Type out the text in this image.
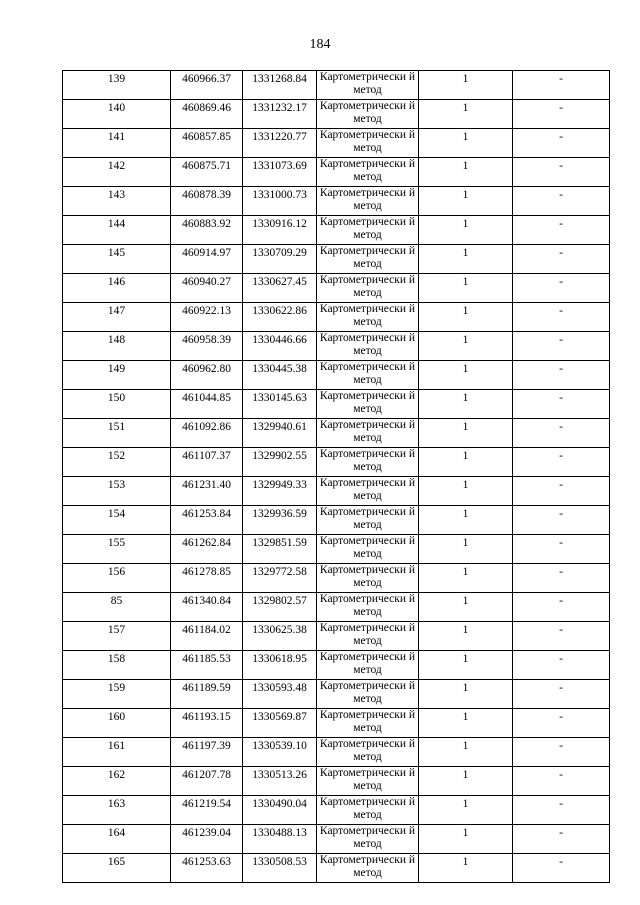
184
139	460966.37	1331268.84	Картометрически й метод	1	-
140	460869.46	1331232.17	Картометрически й метод	1	-
141	460857.85	1331220.77	Картометрически й метод	1	-
142	460875.71	1331073.69	Картометрически й метод	1	-
143	460878.39	1331000.73	Картометрически й метод	1	-
144	460883.92	1330916.12	Картометрически й метод	1	-
145	460914.97	1330709.29	Картометрически й метод	1	-
146	460940.27	1330627.45	Картометрически й метод	1	-
147	460922.13	1330622.86	Картометрически й метод	1	-
148	460958.39	1330446.66	Картометрически й метод	1	-
149	460962.80	1330445.38	Картометрически й метод	1	-
150	461044.85	1330145.63	Картометрически й метод	1	-
151	461092.86	1329940.61	Картометрически й метод	1	-
152	461107.37	1329902.55	Картометрически й метод	1	-
153	461231.40	1329949.33	Картометрически й метод	1	-
154	461253.84	1329936.59	Картометрически й метод	1	-
155	461262.84	1329851.59	Картометрически й метод	1	-
156	461278.85	1329772.58	Картометрически й метод	1	-
85	461340.84	1329802.57	Картометрически й метод	1	-
157	461184.02	1330625.38	Картометрически й метод	1	-
158	461185.53	1330618.95	Картометрически й метод	1	-
159	461189.59	1330593.48	Картометрически й метод	1	-
160	461193.15	1330569.87	Картометрически й метод	1	-
161	461197.39	1330539.10	Картометрически й метод	1	-
162	461207.78	1330513.26	Картометрически й метод	1	-
163	461219.54	1330490.04	Картометрически й метод	1	-
164	461239.04	1330488.13	Картометрически й метод	1	-
165	461253.63	1330508.53	Картометрически й метод	1	-
